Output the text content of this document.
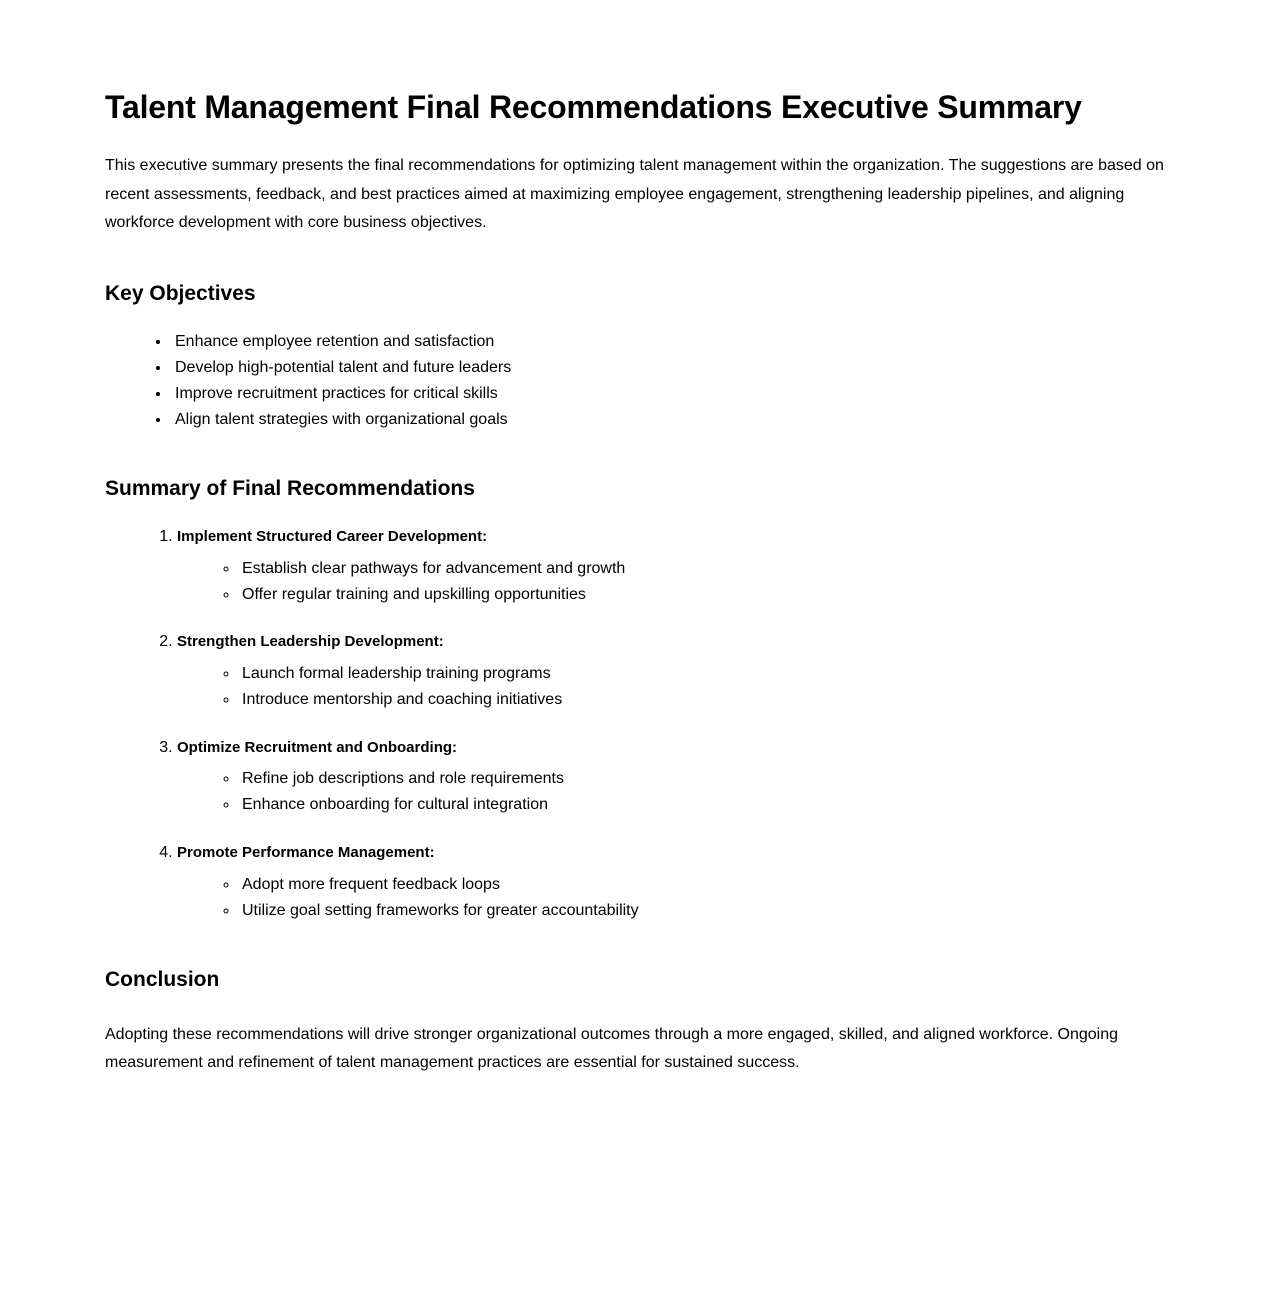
Talent Management Final Recommendations Executive Summary

This executive summary presents the final recommendations for optimizing talent management within the organization. The suggestions are based on recent assessments, feedback, and best practices aimed at maximizing employee engagement, strengthening leadership pipelines, and aligning workforce development with core business objectives.

Key Objectives
• Enhance employee retention and satisfaction
• Develop high-potential talent and future leaders
• Improve recruitment practices for critical skills
• Align talent strategies with organizational goals
Summary of Final Recommendations
1. Implement Structured Career Development:
◦ Establish clear pathways for advancement and growth
◦ Offer regular training and upskilling opportunities
2. Strengthen Leadership Development:
◦ Launch formal leadership training programs
◦ Introduce mentorship and coaching initiatives
3. Optimize Recruitment and Onboarding:
◦ Refine job descriptions and role requirements
◦ Enhance onboarding for cultural integration
4. Promote Performance Management:
◦ Adopt more frequent feedback loops
◦ Utilize goal setting frameworks for greater accountability
Conclusion

Adopting these recommendations will drive stronger organizational outcomes through a more engaged, skilled, and aligned workforce. Ongoing measurement and refinement of talent management practices are essential for sustained success.
